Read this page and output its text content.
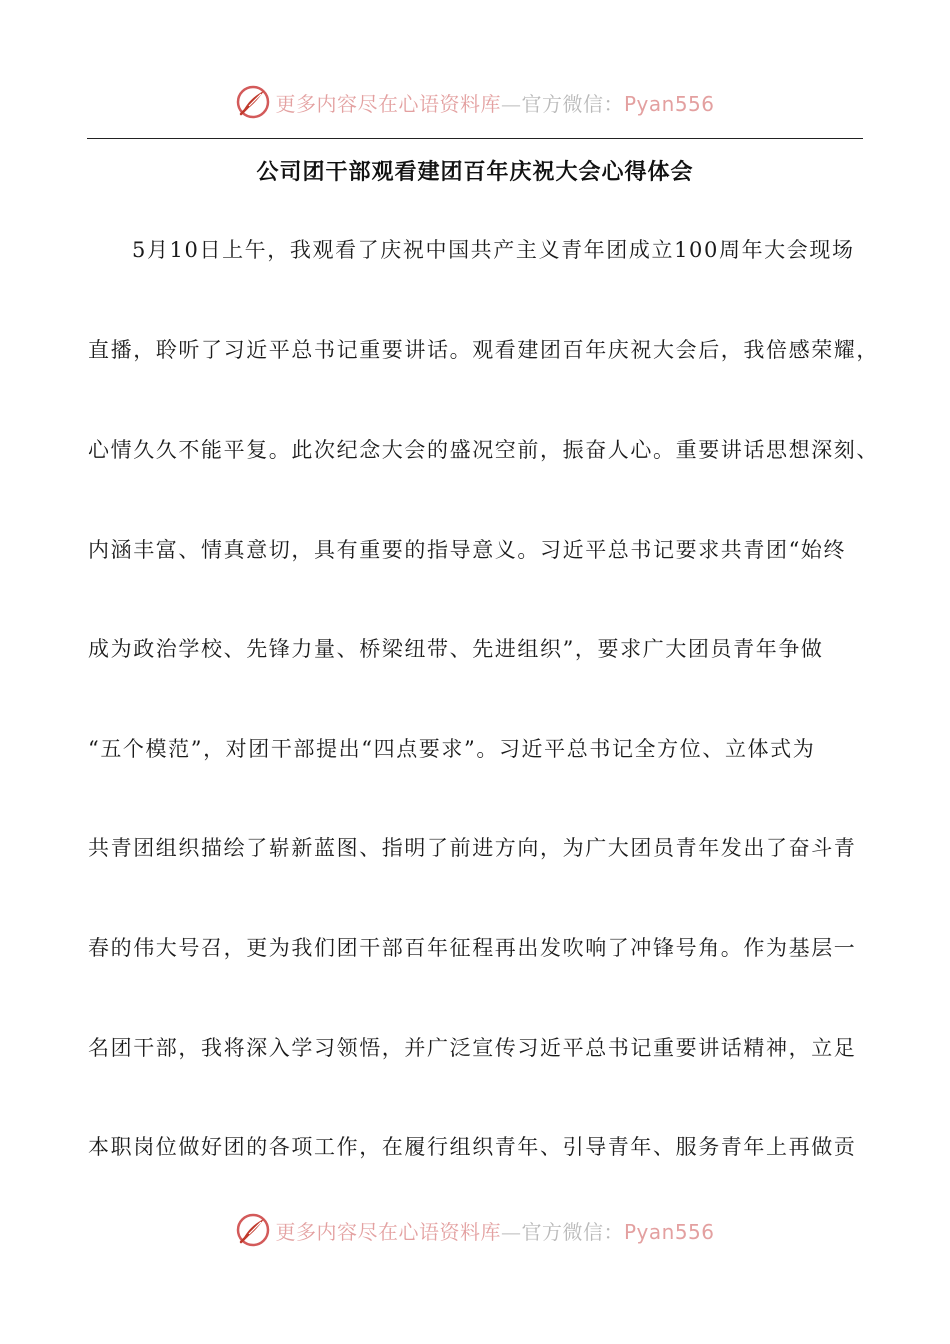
更多内容尽在心语资料库—官方微信：Pyan556
公司团干部观看建团百年庆祝大会心得体会
5月10日上午，我观看了庆祝中国共产主义青年团成立100周年大会现场
直播，聆听了习近平总书记重要讲话。观看建团百年庆祝大会后，我倍感荣耀，
心情久久不能平复。此次纪念大会的盛况空前，振奋人心。重要讲话思想深刻、
内涵丰富、情真意切，具有重要的指导意义。习近平总书记要求共青团“始终
成为政治学校、先锋力量、桥梁纽带、先进组织”，要求广大团员青年争做
“五个模范”，对团干部提出“四点要求”。习近平总书记全方位、立体式为
共青团组织描绘了崭新蓝图、指明了前进方向，为广大团员青年发出了奋斗青
春的伟大号召，更为我们团干部百年征程再出发吹响了冲锋号角。作为基层一
名团干部，我将深入学习领悟，并广泛宣传习近平总书记重要讲话精神，立足
本职岗位做好团的各项工作，在履行组织青年、引导青年、服务青年上再做贡
更多内容尽在心语资料库—官方微信：Pyan556
